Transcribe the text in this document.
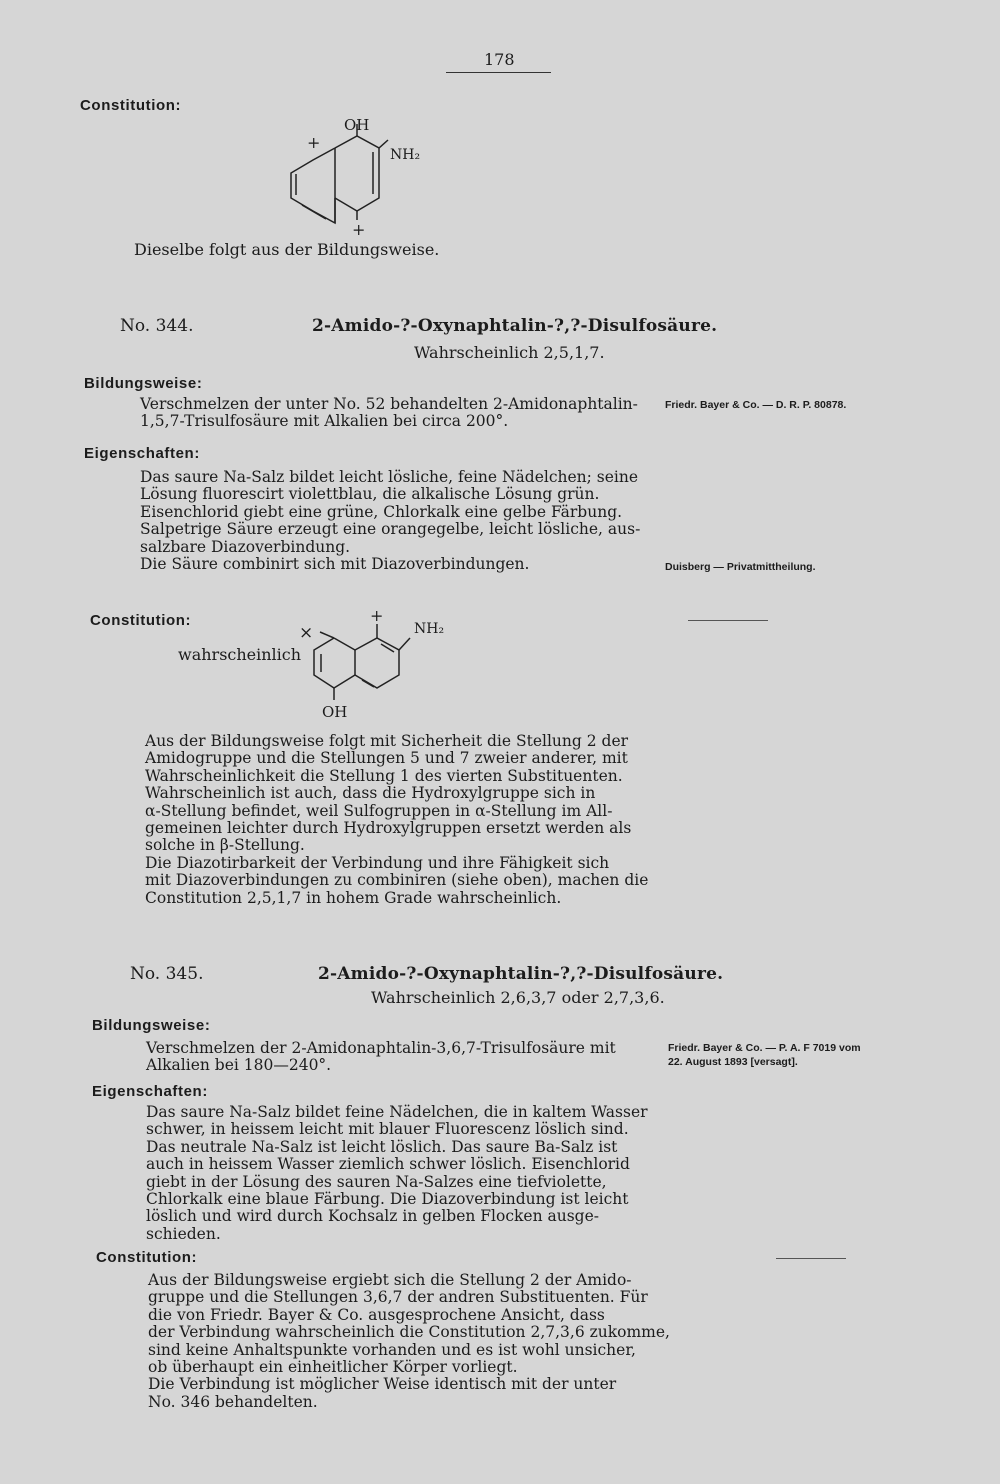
178
Constitution:
OH
NH₂
+
+
Dieselbe folgt aus der Bildungsweise.
No. 344.	2-Amido-?-Oxynaphtalin-?,?-Disulfosäure.
Wahrscheinlich 2,5,1,7.
Bildungsweise:
Verschmelzen der unter No. 52 behandelten 2-Amidonaphtalin-
1,5,7-Trisulfosäure mit Alkalien bei circa 200°.
Friedr. Bayer & Co. — D. R. P. 80878.
Eigenschaften:
Das saure Na-Salz bildet leicht lösliche, feine Nädelchen; seine
Lösung fluorescirt violettblau, die alkalische Lösung grün.
Eisenchlorid giebt eine grüne, Chlorkalk eine gelbe Färbung.
Salpetrige Säure erzeugt eine orangegelbe, leicht lösliche, aus-
salzbare Diazoverbindung.
Die Säure combinirt sich mit Diazoverbindungen.	Duisberg — Privatmittheilung.
Constitution:
wahrscheinlich
×
+
NH₂
OH
Aus der Bildungsweise folgt mit Sicherheit die Stellung 2 der
Amidogruppe und die Stellungen 5 und 7 zweier anderer, mit
Wahrscheinlichkeit die Stellung 1 des vierten Substituenten.
Wahrscheinlich ist auch, dass die Hydroxylgruppe sich in
α-Stellung befindet, weil Sulfogruppen in α-Stellung im All-
gemeinen leichter durch Hydroxylgruppen ersetzt werden als
solche in β-Stellung.
Die Diazotirbarkeit der Verbindung und ihre Fähigkeit sich
mit Diazoverbindungen zu combiniren (siehe oben), machen die
Constitution 2,5,1,7 in hohem Grade wahrscheinlich.
No. 345.	2-Amido-?-Oxynaphtalin-?,?-Disulfosäure.
Wahrscheinlich 2,6,3,7 oder 2,7,3,6.
Bildungsweise:
Verschmelzen der 2-Amidonaphtalin-3,6,7-Trisulfosäure mit
Alkalien bei 180—240°.
Friedr. Bayer & Co. — P. A. F 7019 vom
22. August 1893 [versagt].
Eigenschaften:
Das saure Na-Salz bildet feine Nädelchen, die in kaltem Wasser
schwer, in heissem leicht mit blauer Fluorescenz löslich sind.
Das neutrale Na-Salz ist leicht löslich. Das saure Ba-Salz ist
auch in heissem Wasser ziemlich schwer löslich. Eisenchlorid
giebt in der Lösung des sauren Na-Salzes eine tiefviolette,
Chlorkalk eine blaue Färbung. Die Diazoverbindung ist leicht
löslich und wird durch Kochsalz in gelben Flocken ausge-
schieden.
Constitution:
Aus der Bildungsweise ergiebt sich die Stellung 2 der Amido-
gruppe und die Stellungen 3,6,7 der andren Substituenten. Für
die von Friedr. Bayer & Co. ausgesprochene Ansicht, dass
der Verbindung wahrscheinlich die Constitution 2,7,3,6 zukomme,
sind keine Anhaltspunkte vorhanden und es ist wohl unsicher,
ob überhaupt ein einheitlicher Körper vorliegt.
Die Verbindung ist möglicher Weise identisch mit der unter
No. 346 behandelten.
